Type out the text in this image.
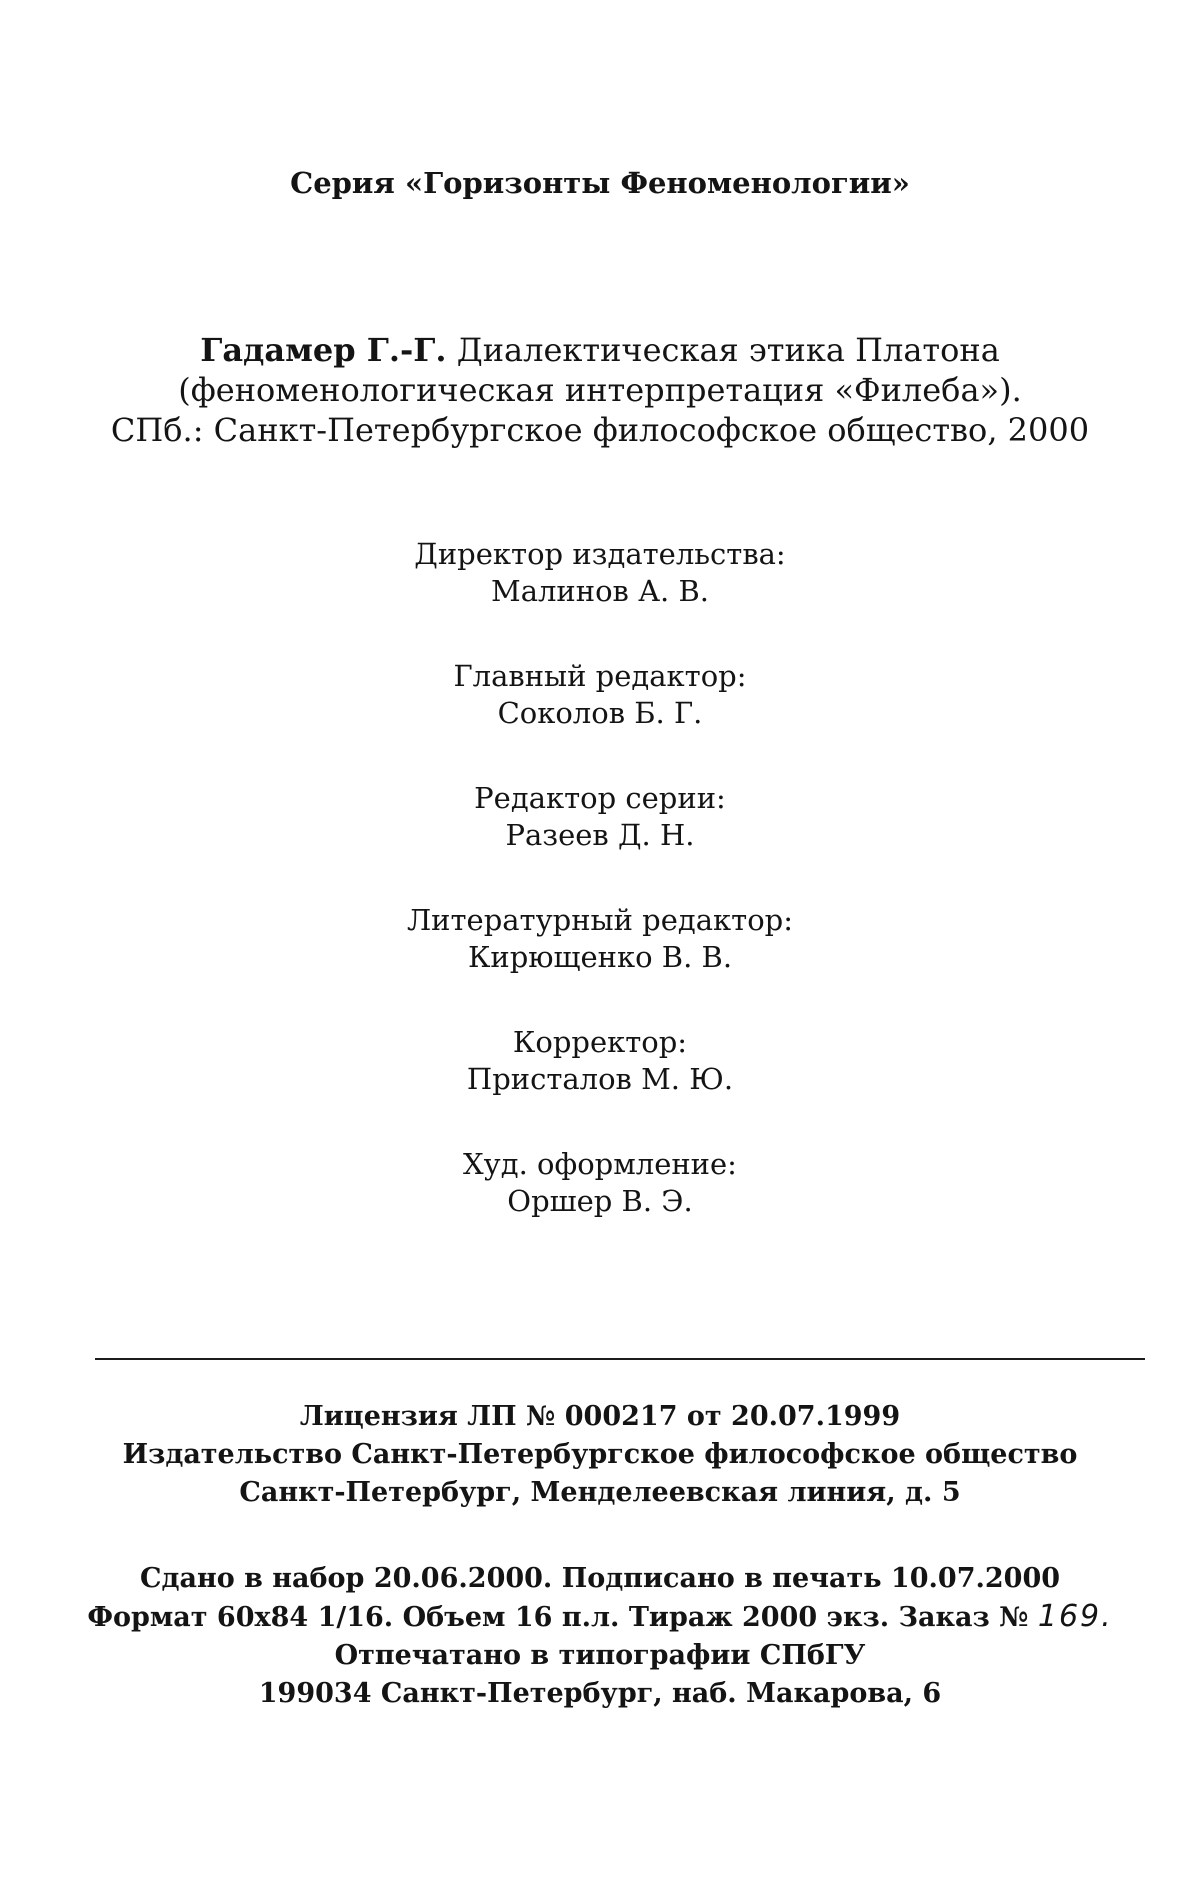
Серия «Горизонты Феноменологии»
Гадамер Г.-Г. Диалектическая этика Платона
(феноменологическая интерпретация «Филеба»).
СПб.: Санкт-Петербургское философское общество, 2000
Директор издательства:
Малинов А. В.
Главный редактор:
Соколов Б. Г.
Редактор серии:
Разеев Д. Н.
Литературный редактор:
Кирющенко В. В.
Корректор:
Присталов М. Ю.
Худ. оформление:
Оршер В. Э.
Лицензия ЛП № 000217 от 20.07.1999
Издательство Санкт-Петербургское философское общество
Санкт-Петербург, Менделеевская линия, д. 5
Сдано в набор 20.06.2000. Подписано в печать 10.07.2000
Формат 60x84 1/16. Объем 16 п.л. Тираж 2000 экз. Заказ № 169.
Отпечатано в типографии СПбГУ
199034 Санкт-Петербург, наб. Макарова, 6
